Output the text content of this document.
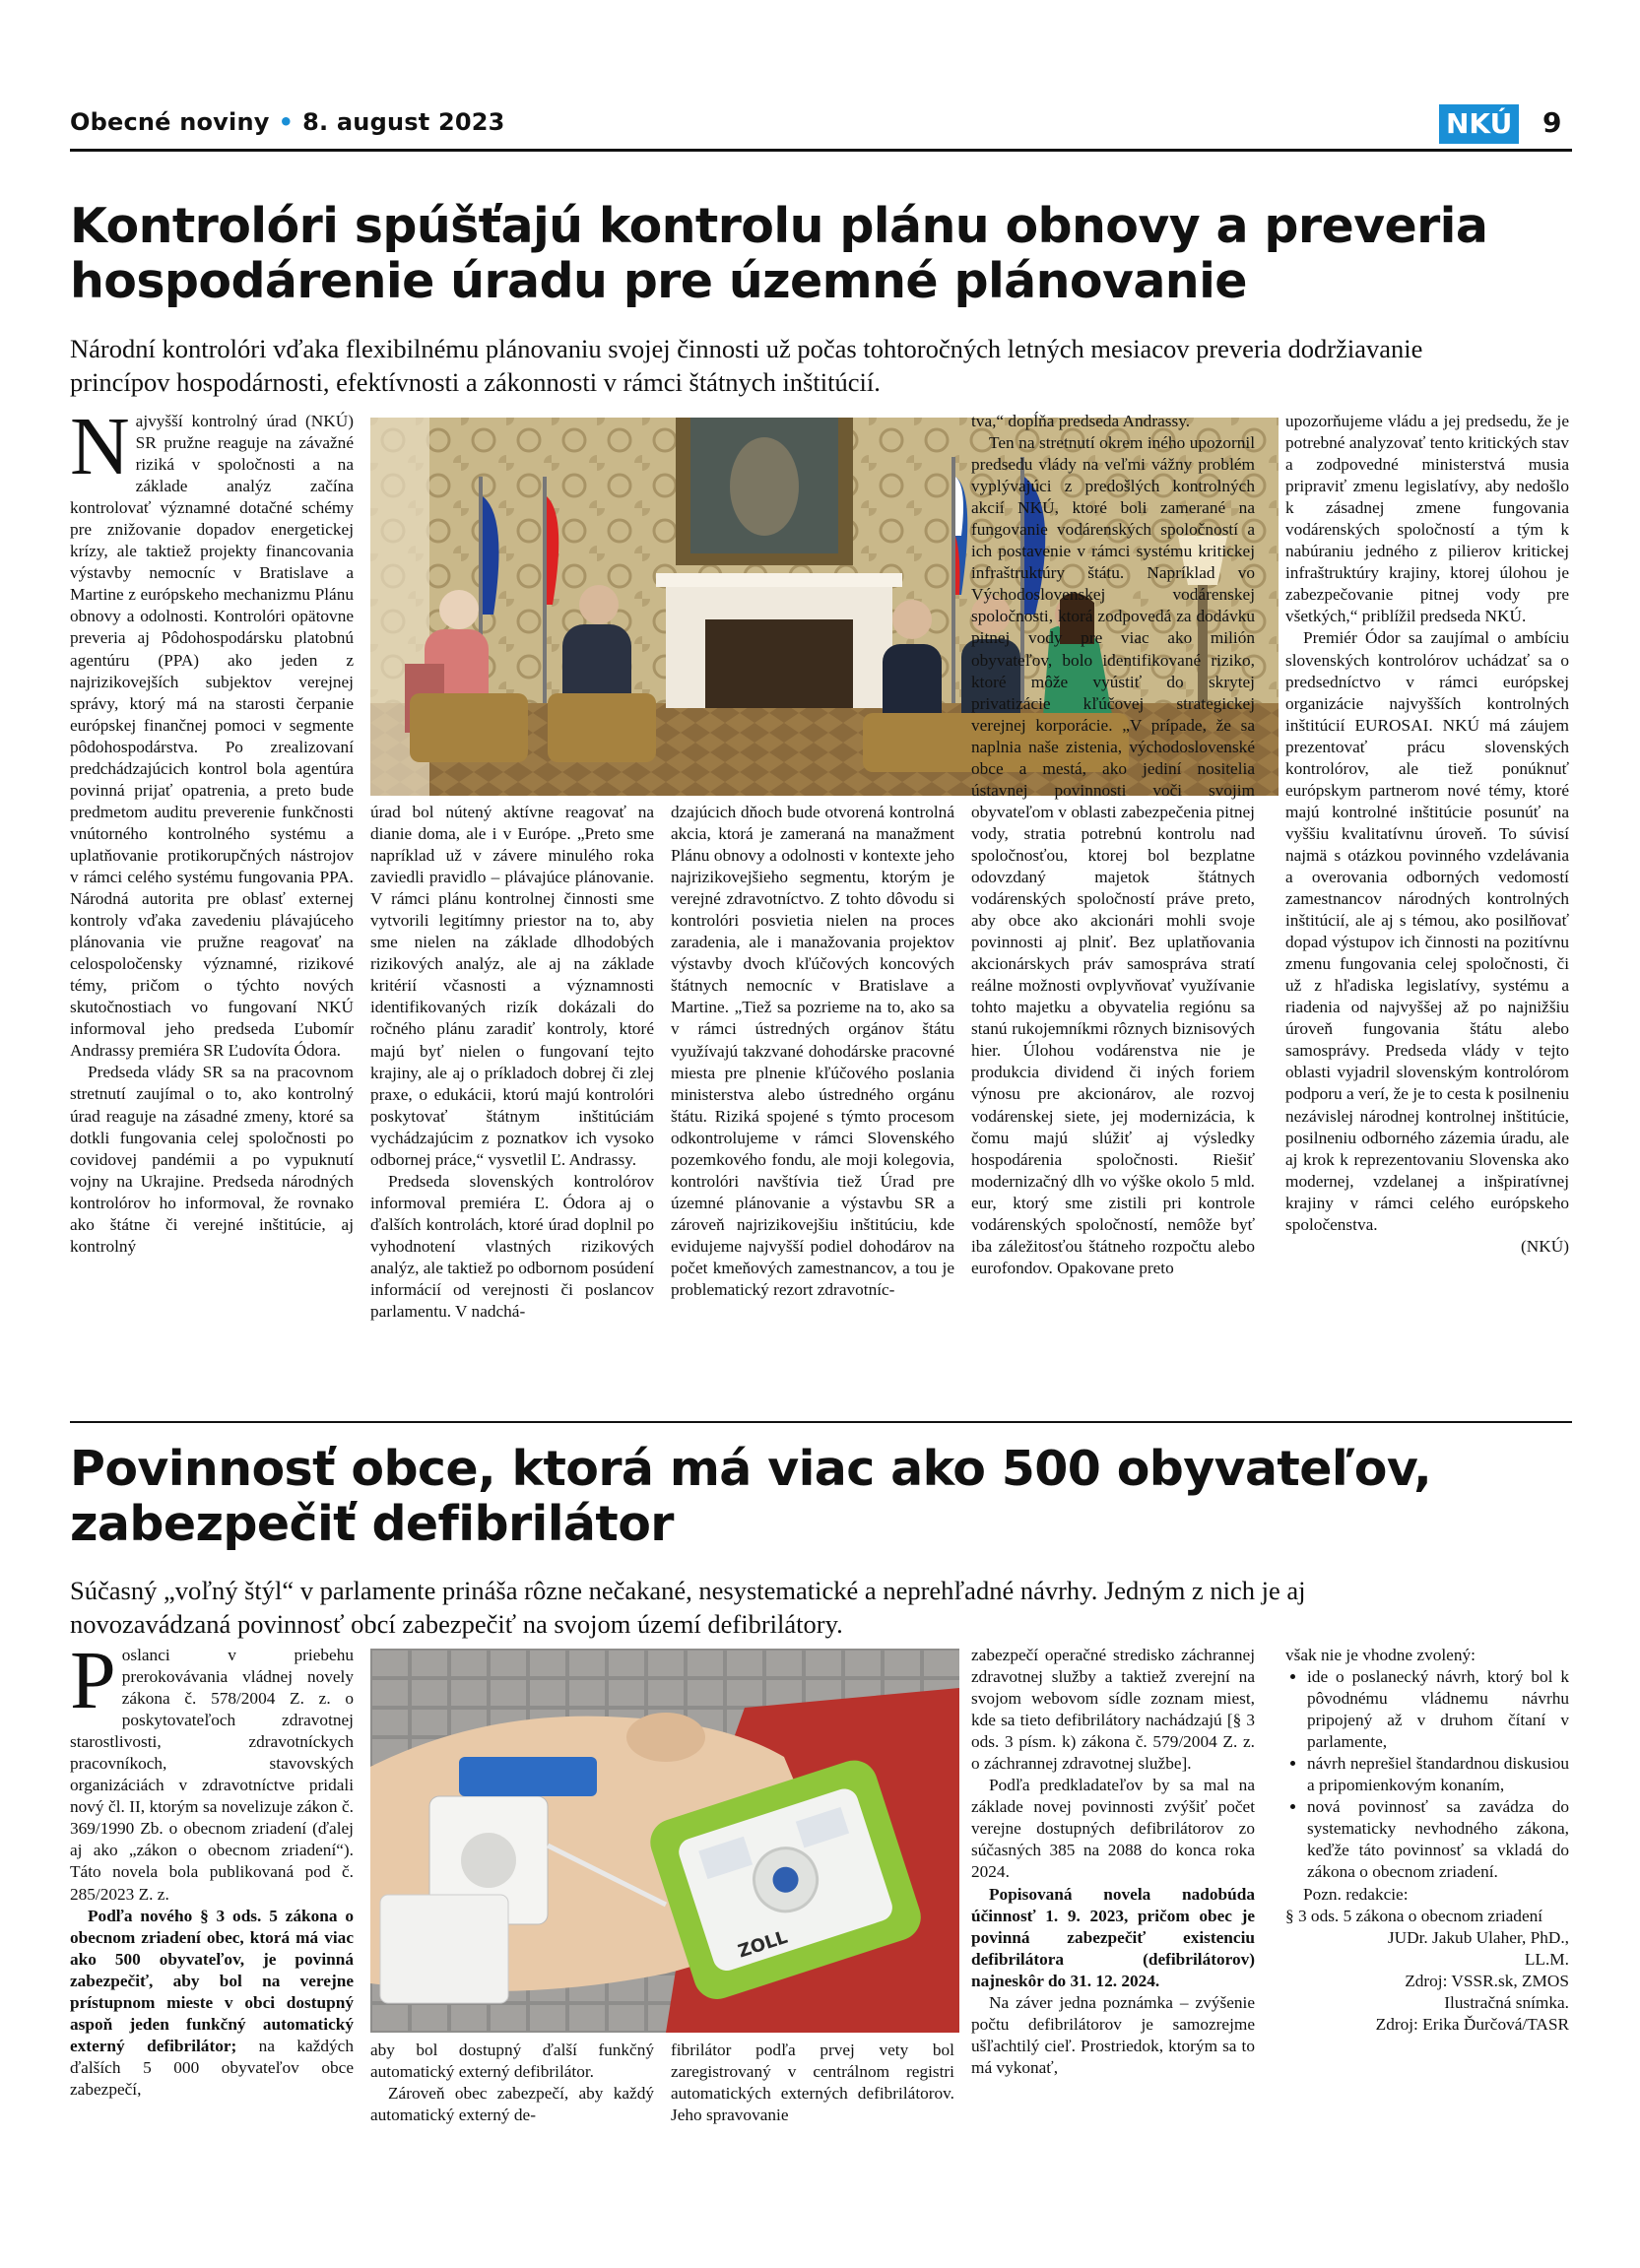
Obecné noviny • 8. august 2023	NKÚ 9
Kontrolóri spúšťajú kontrolu plánu obnovy a preveria
hospodárenie úradu pre územné plánovanie

Národní kontrolóri vďaka flexibilnému plánovaniu svojej činnosti už počas tohtoročných letných mesiacov preveria dodržiavanie
princípov hospodárnosti, efektívnosti a zákonnosti v rámci štátnych inštitúcií.

Najvyšší kontrolný úrad (NKÚ) SR pružne reaguje na závažné riziká v spoločnosti a na základe analýz začína kontrolovať významné dotačné schémy pre znižovanie dopadov energetickej krízy, ale taktiež projekty financovania výstavby nemocníc v Bratislave a Martine z európskeho mechanizmu Plánu obnovy a odolnosti. Kontrolóri opätovne preveria aj Pôdohospodársku platobnú agentúru (PPA) ako jeden z najrizikovejších subjektov verejnej správy, ktorý má na starosti čerpanie európskej finančnej pomoci v segmente pôdohospodárstva. Po zrealizovaní predchádzajúcich kontrol bola agentúra povinná prijať opatrenia, a preto bude predmetom auditu preverenie funkčnosti vnútorného kontrolného systému a uplatňovanie protikorupčných nástrojov v rámci celého systému fungovania PPA. Národná autorita pre oblasť externej kontroly vďaka zavedeniu plávajúceho plánovania vie pružne reagovať na celospoločensky významné, rizikové témy, pričom o týchto nových skutočnostiach vo fungovaní NKÚ informoval jeho predseda Ľubomír Andrassy premiéra SR Ľudovíta Ódora.

Predseda vlády SR sa na pracovnom stretnutí zaujímal o to, ako kontrolný úrad reaguje na zásadné zmeny, ktoré sa dotkli fungovania celej spoločnosti po covidovej pandémii a po vypuknutí vojny na Ukrajine. Predseda národných kontrolórov ho informoval, že rovnako ako štátne či verejné inštitúcie, aj kontrolný

úrad bol nútený aktívne reagovať na dianie doma, ale i v Európe. „Preto sme napríklad už v závere minulého roka zaviedli pravidlo – plávajúce plánovanie. V rámci plánu kontrolnej činnosti sme vytvorili legitímny priestor na to, aby sme nielen na základe dlhodobých rizikových analýz, ale aj na základe kritérií včasnosti a významnosti identifikovaných rizík dokázali do ročného plánu zaradiť kontroly, ktoré majú byť nielen o fungovaní tejto krajiny, ale aj o príkladoch dobrej či zlej praxe, o edukácii, ktorú majú kontrolóri poskytovať štátnym inštitúciám vychádzajúcim z poznatkov ich vysoko odbornej práce,“ vysvetlil Ľ. Andrassy.

Predseda slovenských kontrolórov informoval premiéra Ľ. Ódora aj o ďalších kontrolách, ktoré úrad doplnil po vyhodnotení vlastných rizikových analýz, ale taktiež po odbornom posúdení informácií od verejnosti či poslancov parlamentu. V nadchá-

dzajúcich dňoch bude otvorená kontrolná akcia, ktorá je zameraná na manažment Plánu obnovy a odolnosti v kontexte jeho najrizikovejšieho segmentu, ktorým je verejné zdravotníctvo. Z tohto dôvodu si kontrolóri posvietia nielen na proces zaradenia, ale i manažovania projektov výstavby dvoch kľúčových koncových štátnych nemocníc v Bratislave a Martine. „Tiež sa pozrieme na to, ako sa v rámci ústredných orgánov štátu využívajú takzvané dohodárske pracovné miesta pre plnenie kľúčového poslania ministerstva alebo ústredného orgánu štátu. Riziká spojené s týmto procesom odkontrolujeme v rámci Slovenského pozemkového fondu, ale moji kolegovia, kontrolóri navštívia tiež Úrad pre územné plánovanie a výstavbu SR a zároveň najrizikovejšiu inštitúciu, kde evidujeme najvyšší podiel dohodárov na počet kmeňových zamestnancov, a tou je problematický rezort zdravotníc-

tva,“ dopĺňa predseda Andrassy.

Ten na stretnutí okrem iného upozornil predsedu vlády na veľmi vážny problém vyplývajúci z predošlých kontrolných akcií NKÚ, ktoré boli zamerané na fungovanie vodárenských spoločností a ich postavenie v rámci systému kritickej infraštruktúry štátu. Napríklad vo Východoslovenskej vodárenskej spoločnosti, ktorá zodpovedá za dodávku pitnej vody pre viac ako milión obyvateľov, bolo identifikované riziko, ktoré môže vyústiť do skrytej privatizácie kľúčovej strategickej verejnej korporácie. „V prípade, že sa naplnia naše zistenia, východoslovenské obce a mestá, ako jediní nositelia ústavnej povinnosti voči svojim obyvateľom v oblasti zabezpečenia pitnej vody, stratia potrebnú kontrolu nad spoločnosťou, ktorej bol bezplatne odovzdaný majetok štátnych vodárenských spoločností práve preto, aby obce ako akcionári mohli svoje povinnosti aj plniť. Bez uplatňovania akcionárskych práv samospráva stratí reálne možnosti ovplyvňovať využívanie tohto majetku a obyvatelia regiónu sa stanú rukojemníkmi rôznych biznisových hier. Úlohou vodárenstva nie je produkcia dividend či iných foriem výnosu pre akcionárov, ale rozvoj vodárenskej siete, jej modernizácia, k čomu majú slúžiť aj výsledky hospodárenia spoločnosti. Riešiť modernizačný dlh vo výške okolo 5 mld. eur, ktorý sme zistili pri kontrole vodárenských spoločností, nemôže byť iba záležitosťou štátneho rozpočtu alebo eurofondov. Opakovane preto

upozorňujeme vládu a jej predsedu, že je potrebné analyzovať tento kritických stav a zodpovedné ministerstvá musia pripraviť zmenu legislatívy, aby nedošlo k zásadnej zmene fungovania vodárenských spoločností a tým k nabúraniu jedného z pilierov kritickej infraštruktúry krajiny, ktorej úlohou je zabezpečovanie pitnej vody pre všetkých,“ priblížil predseda NKÚ.

Premiér Ódor sa zaujímal o ambíciu slovenských kontrolórov uchádzať sa o predsedníctvo v rámci európskej organizácie najvyšších kontrolných inštitúcií EUROSAI. NKÚ má záujem prezentovať prácu slovenských kontrolórov, ale tiež ponúknuť európskym partnerom nové témy, ktoré majú kontrolné inštitúcie posunúť na vyššiu kvalitatívnu úroveň. To súvisí najmä s otázkou povinného vzdelávania a overovania odborných vedomostí zamestnancov národných kontrolných inštitúcií, ale aj s témou, ako posilňovať dopad výstupov ich činnosti na pozitívnu zmenu fungovania celej spoločnosti, či už z hľadiska legislatívy, systému a riadenia od najvyššej až po najnižšiu úroveň fungovania štátu alebo samosprávy. Predseda vlády v tejto oblasti vyjadril slovenským kontrolórom podporu a verí, že je to cesta k posilneniu nezávislej národnej kontrolnej inštitúcie, posilneniu odborného zázemia úradu, ale aj krok k reprezentovaniu Slovenska ako modernej, vzdelanej a inšpiratívnej krajiny v rámci celého európskeho spoločenstva.

(NKÚ)

Povinnosť obce, ktorá má viac ako 500 obyvateľov,
zabezpečiť defibrilátor

Súčasný „voľný štýl“ v parlamente prináša rôzne nečakané, nesystematické a neprehľadné návrhy. Jedným z nich je aj
novozavádzaná povinnosť obcí zabezpečiť na svojom území defibrilátory.

Poslanci v priebehu prerokovávania vládnej novely zákona č. 578/2004 Z. z. o poskytovateľoch zdravotnej starostlivosti, zdravotníckych pracovníkoch, stavovských organizáciách v zdravotníctve pridali nový čl. II, ktorým sa novelizuje zákon č. 369/1990 Zb. o obecnom zriadení (ďalej aj ako „zákon o obecnom zriadení“). Táto novela bola publikovaná pod č. 285/2023 Z. z.

Podľa nového § 3 ods. 5 zákona o obecnom zriadení obec, ktorá má viac ako 500 obyvateľov, je povinná zabezpečiť, aby bol na verejne prístupnom mieste v obci dostupný aspoň jeden funkčný automatický externý defibrilátor; na každých ďalších 5 000 obyvateľov obce zabezpečí,

ZOLL

aby bol dostupný ďalší funkčný automatický externý defibrilátor.

Zároveň obec zabezpečí, aby každý automatický externý de-

fibrilátor podľa prvej vety bol zaregistrovaný v centrálnom registri automatických externých defibrilátorov. Jeho spravovanie

zabezpečí operačné stredisko záchrannej zdravotnej služby a taktiež zverejní na svojom webovom sídle zoznam miest, kde sa tieto defibrilátory nachádzajú [§ 3 ods. 3 písm. k) zákona č. 579/2004 Z. z. o záchrannej zdravotnej službe].

Podľa predkladateľov by sa mal na základe novej povinnosti zvýšiť počet verejne dostupných defibrilátorov zo súčasných 385 na 2088 do konca roka 2024.

Popisovaná novela nadobúda účinnosť 1. 9. 2023, pričom obec je povinná zabezpečiť existenciu defibrilátora (defibrilátorov) najneskôr do 31. 12. 2024.

Na záver jedna poznámka – zvýšenie počtu defibrilátorov je samozrejme ušľachtilý cieľ. Prostriedok, ktorým sa to má vykonať,

však nie je vhodne zvolený:

• ide o poslanecký návrh, ktorý bol k pôvodnému vládnemu návrhu pripojený až v druhom čítaní v parlamente,
• návrh neprešiel štandardnou diskusiou a pripomienkovým konaním,
• nová povinnosť sa zavádza do systematicky nevhodného zákona, keďže táto povinnosť sa vkladá do zákona o obecnom zriadení.

Pozn. redakcie:

§ 3 ods. 5 zákona o obecnom zriadení

JUDr. Jakub Ulaher, PhD.,

LL.M.

Zdroj: VSSR.sk, ZMOS

Ilustračná snímka.

Zdroj: Erika Ďurčová/TASR
